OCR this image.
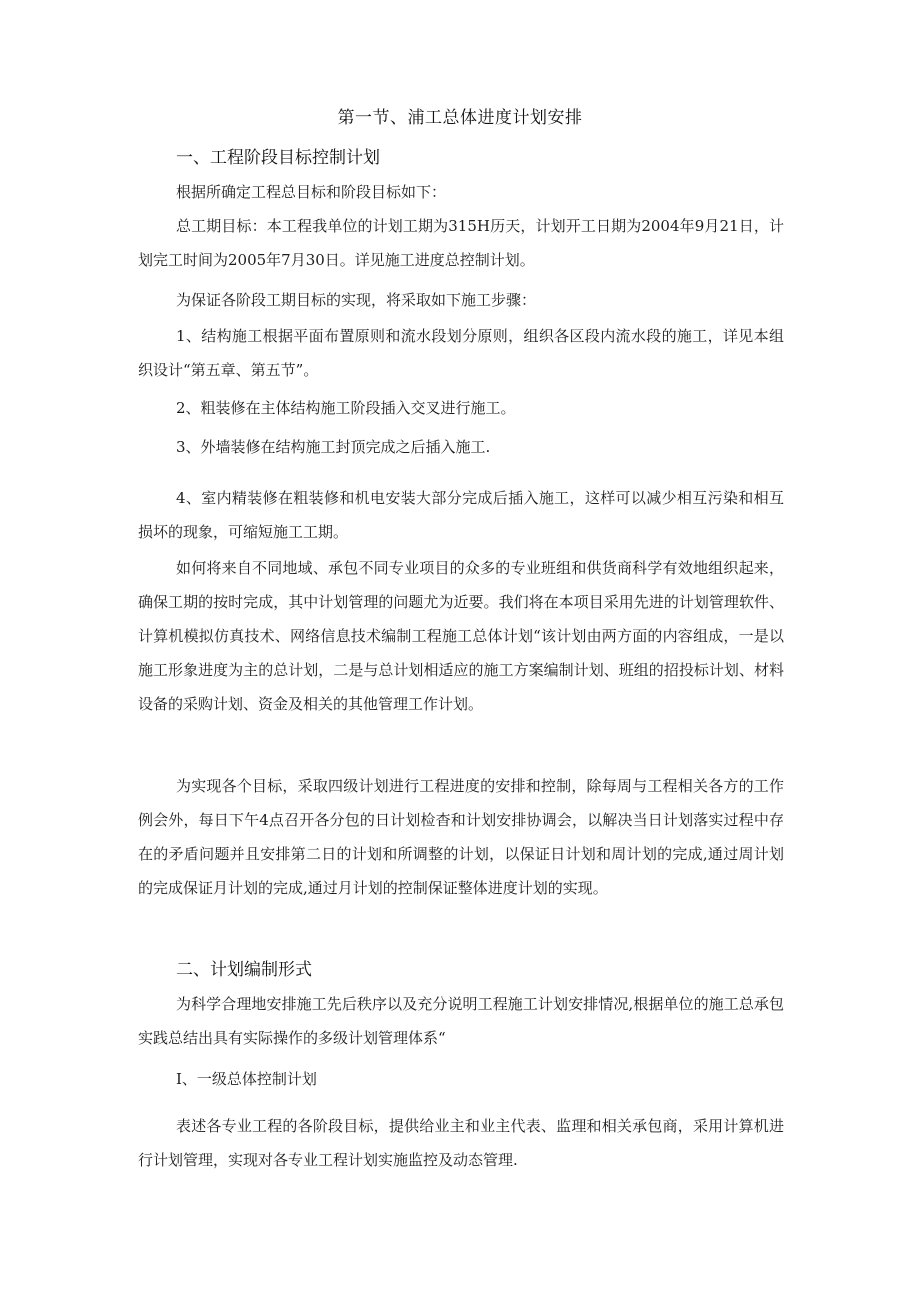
第一节、浦工总体进度计划安排
一、工程阶段目标控制计划

根据所确定工程总目标和阶段目标如下：

总工期目标：本工程我单位的计划工期为315H历天，计划开工日期为2004年9月21日，计划完工时间为2005年7月30日。详见施工进度总控制计划。

为保证各阶段工期目标的实现，将采取如下施工步骤：

1、结构施工根据平面布置原则和流水段划分原则，组织各区段内流水段的施工，详见本组织设计“第五章、第五节”。

2、粗装修在主体结构施工阶段插入交叉进行施工。

3、外墙装修在结构施工封顶完成之后插入施工.

4、室内精装修在粗装修和机电安装大部分完成后插入施工，这样可以减少相互污染和相互损坏的现象，可缩短施工工期。

如何将来自不同地域、承包不同专业项目的众多的专业班组和供货商科学有效地组织起来，确保工期的按时完成，其中计划管理的问题尤为近要。我们将在本项目采用先进的计划管理软件、计算机模拟仿真技术、网络信息技术编制工程施工总体计划“该计划由两方面的内容组成，一是以施工形象进度为主的总计划，二是与总计划相适应的施工方案编制计划、班组的招投标计划、材料设备的采购计划、资金及相关的其他管理工作计划。

为实现各个目标，采取四级计划进行工程进度的安排和控制，除每周与工程相关各方的工作例会外，每日下午4点召开各分包的日计划检杳和计划安排协调会，以解决当日计划落实过程中存在的矛盾问题并且安排第二日的计划和所调整的计划，以保证日计划和周计划的完成,通过周计划的完成保证月计划的完成,通过月计划的控制保证整体进度计划的实现。

二、计划编制形式

为科学合理地安排施工先后秩序以及充分说明工程施工计划安排情况,根据单位的施工总承包实践总结出具有实际操作的多级计划管理体系“

I、一级总体控制计划

表述各专业工程的各阶段目标，提供给业主和业主代表、监理和相关承包商，采用计算机进行计划管理，实现对各专业工程计划实施监控及动态管理.
